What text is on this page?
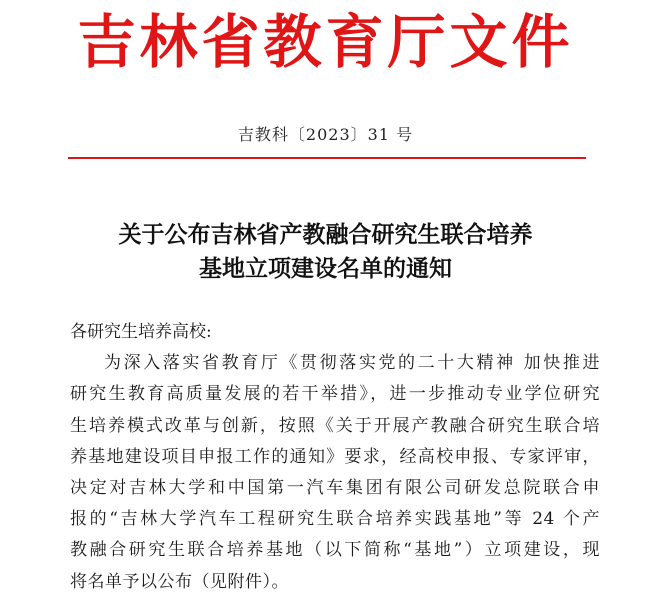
吉林省教育厅文件
吉教科〔2023〕31 号
关于公布吉林省产教融合研究生联合培养
基地立项建设名单的通知
各研究生培养高校:
为深入落实省教育厅《贯彻落实党的二十大精神 加快推进
研究生教育高质量发展的若干举措》，进一步推动专业学位研究
生培养模式改革与创新，按照《关于开展产教融合研究生联合培
养基地建设项目申报工作的通知》要求，经高校申报、专家评审，
决定对吉林大学和中国第一汽车集团有限公司研发总院联合申
报的“吉林大学汽车工程研究生联合培养实践基地”等 24 个产
教融合研究生联合培养基地（以下简称“基地”）立项建设，现
将名单予以公布（见附件）。
